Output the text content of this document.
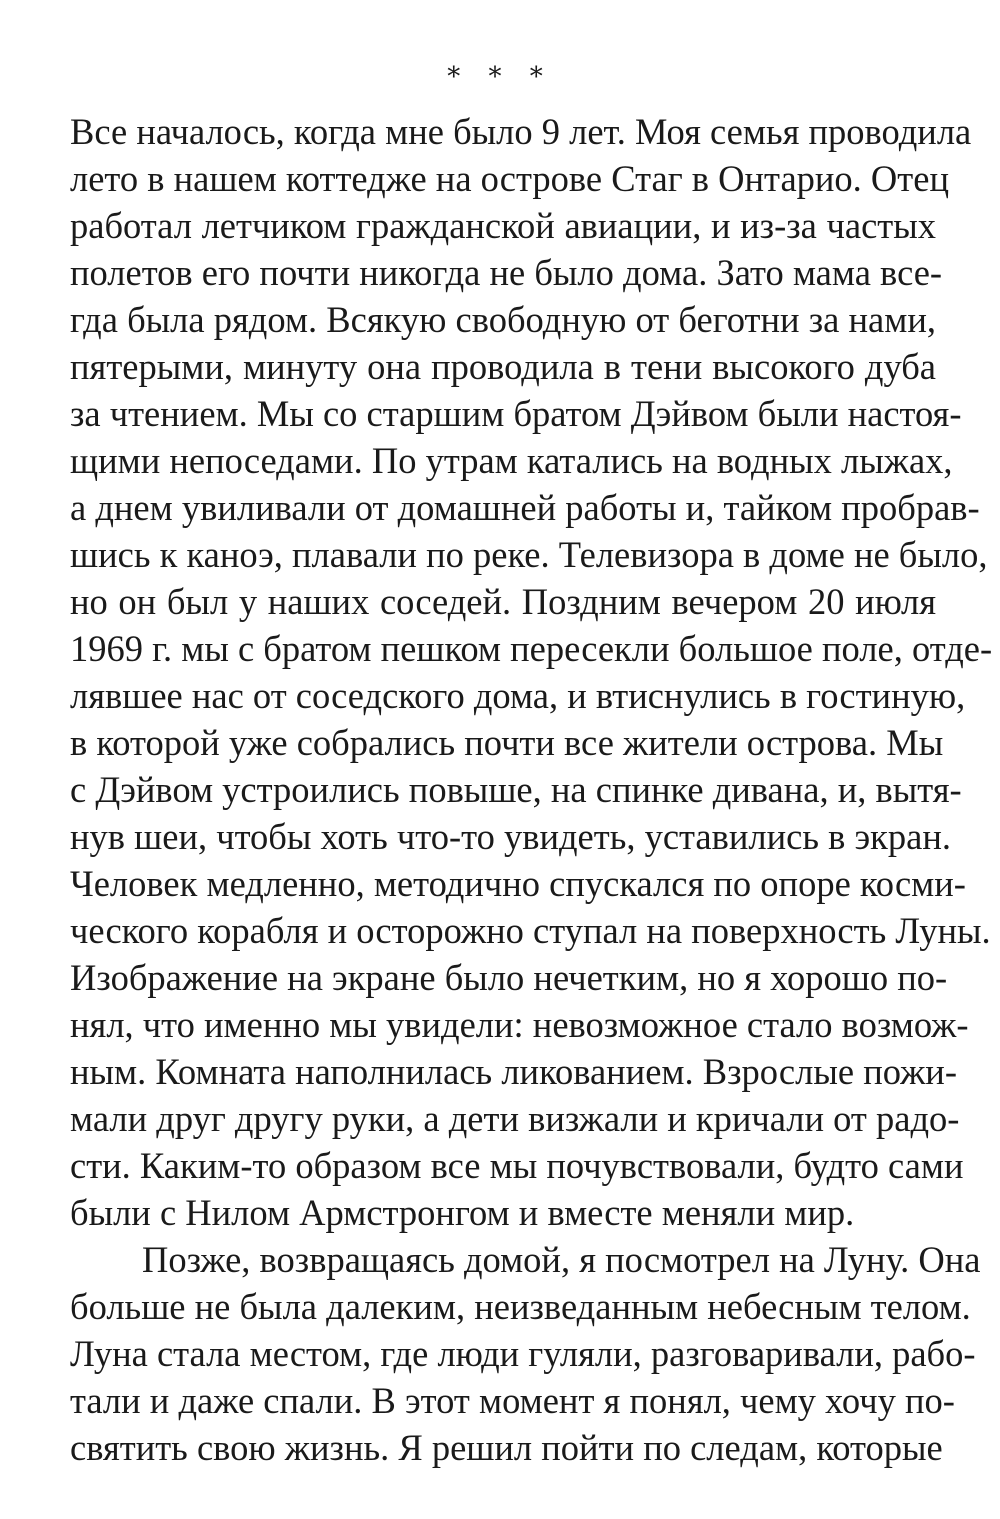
* * *
Все началось, когда мне было 9 лет. Моя семья проводила
лето в нашем коттедже на острове Стаг в Онтарио. Отец
работал летчиком гражданской авиации, и из-за частых
полетов его почти никогда не было дома. Зато мама все-
гда была рядом. Всякую свободную от беготни за нами,
пятерыми, минуту она проводила в тени высокого дуба
за чтением. Мы со старшим братом Дэйвом были настоя-
щими непоседами. По утрам катались на водных лыжах,
а днем увиливали от домашней работы и, тайком пробрав-
шись к каноэ, плавали по реке. Телевизора в доме не было,
но он был у наших соседей. Поздним вечером 20 июля
1969 г. мы с братом пешком пересекли большое поле, отде-
лявшее нас от соседского дома, и втиснулись в гостиную,
в которой уже собрались почти все жители острова. Мы
с Дэйвом устроились повыше, на спинке дивана, и, вытя-
нув шеи, чтобы хоть что-то увидеть, уставились в экран.
Человек медленно, методично спускался по опоре косми-
ческого корабля и осторожно ступал на поверхность Луны.
Изображение на экране было нечетким, но я хорошо по-
нял, что именно мы увидели: невозможное стало возмож-
ным. Комната наполнилась ликованием. Взрослые пожи-
мали друг другу руки, а дети визжали и кричали от радо-
сти. Каким-то образом все мы почувствовали, будто сами
были с Нилом Армстронгом и вместе меняли мир.
Позже, возвращаясь домой, я посмотрел на Луну. Она
больше не была далеким, неизведанным небесным телом.
Луна стала местом, где люди гуляли, разговаривали, рабо-
тали и даже спали. В этот момент я понял, чему хочу по-
святить свою жизнь. Я решил пойти по следам, которые
